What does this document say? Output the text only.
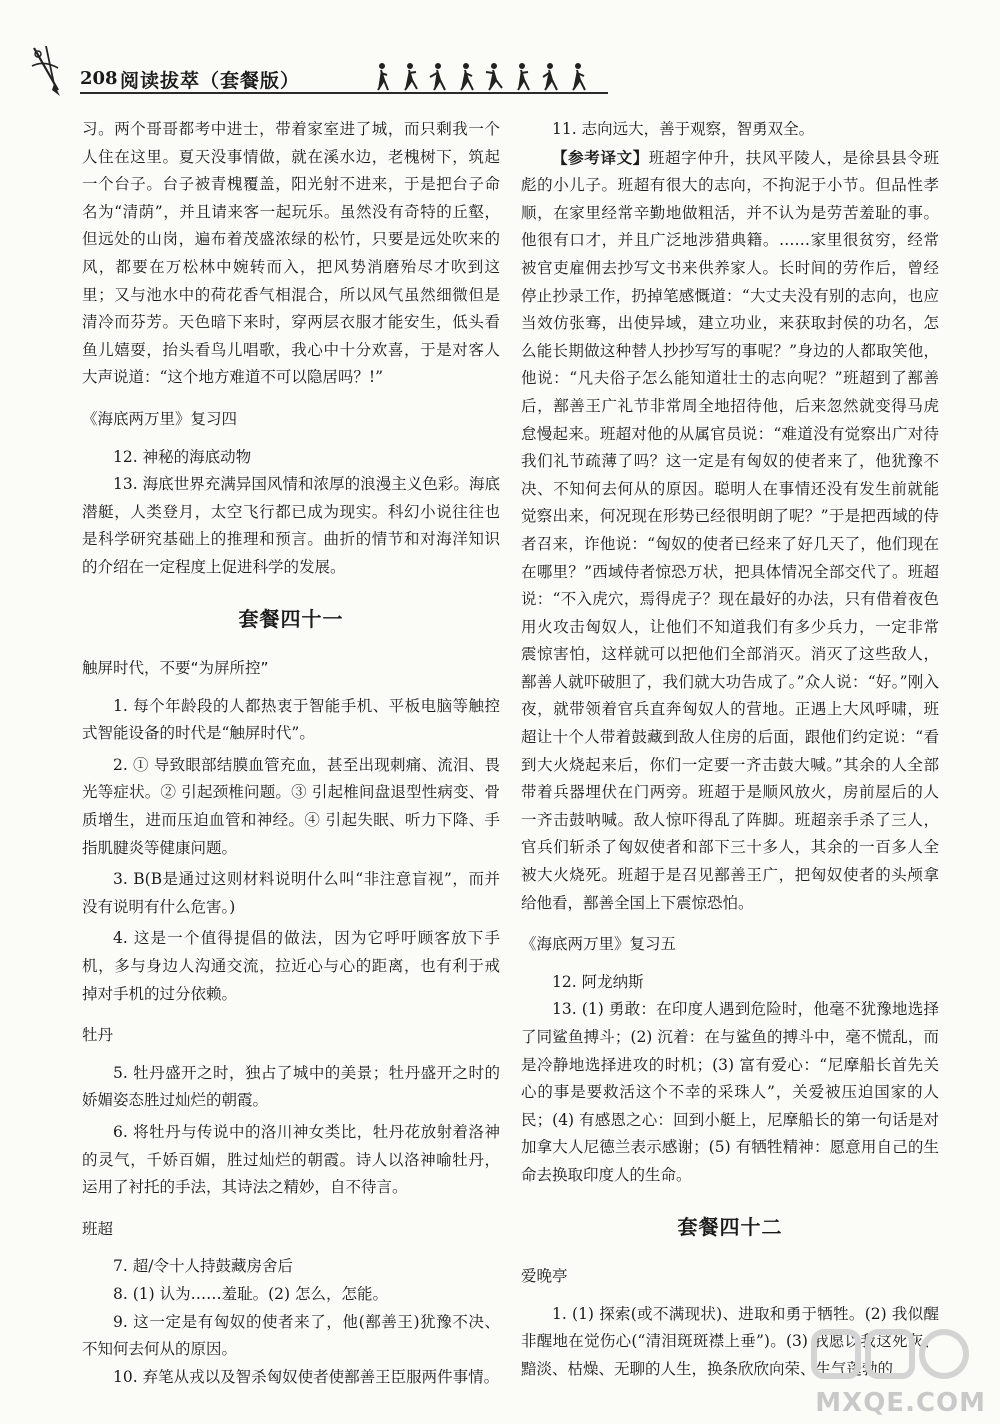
208 阅读拔萃（套餐版）

习。两个哥哥都考中进士，带着家室进了城，而只剩我一个人住在这里。夏天没事情做，就在溪水边，老槐树下，筑起一个台子。台子被青槐覆盖，阳光射不进来，于是把台子命名为“清荫”，并且请来客一起玩乐。虽然没有奇特的丘壑，但远处的山岗，遍布着茂盛浓绿的松竹，只要是远处吹来的风，都要在万松林中婉转而入，把风势消磨殆尽才吹到这里；又与池水中的荷花香气相混合，所以风气虽然细微但是清冷而芬芳。天色暗下来时，穿两层衣服才能安生，低头看鱼儿嬉耍，抬头看鸟儿唱歌，我心中十分欢喜，于是对客人大声说道：“这个地方难道不可以隐居吗？!”

《海底两万里》复习四

12. 神秘的海底动物

13. 海底世界充满异国风情和浓厚的浪漫主义色彩。海底潜艇，人类登月，太空飞行都已成为现实。科幻小说往往也是科学研究基础上的推理和预言。曲折的情节和对海洋知识的介绍在一定程度上促进科学的发展。

套餐四十一
触屏时代，不要“为屏所控”

1. 每个年龄段的人都热衷于智能手机、平板电脑等触控式智能设备的时代是“触屏时代”。

2. ① 导致眼部结膜血管充血，甚至出现刺痛、流泪、畏光等症状。② 引起颈椎问题。③ 引起椎间盘退型性病变、骨质增生，进而压迫血管和神经。④ 引起失眠、听力下降、手指肌腱炎等健康问题。

3. B(B是通过这则材料说明什么叫“非注意盲视”，而并没有说明有什么危害。)

4. 这是一个值得提倡的做法，因为它呼吁顾客放下手机，多与身边人沟通交流，拉近心与心的距离，也有利于戒掉对手机的过分依赖。

牡丹

5. 牡丹盛开之时，独占了城中的美景；牡丹盛开之时的娇媚姿态胜过灿烂的朝霞。

6. 将牡丹与传说中的洛川神女类比，牡丹花放射着洛神的灵气，千娇百媚，胜过灿烂的朝霞。诗人以洛神喻牡丹，运用了衬托的手法，其诗法之精妙，自不待言。

班超

7. 超/令十人持鼓藏房舍后

8. (1) 认为……羞耻。(2) 怎么，怎能。

9. 这一定是有匈奴的使者来了，他(鄯善王)犹豫不决、不知何去何从的原因。

10. 弃笔从戎以及智杀匈奴使者使鄯善王臣服两件事情。

11. 志向远大，善于观察，智勇双全。

【参考译文】班超字仲升，扶风平陵人，是徐县县令班彪的小儿子。班超有很大的志向，不拘泥于小节。但品性孝顺，在家里经常辛勤地做粗活，并不认为是劳苦羞耻的事。他很有口才，并且广泛地涉猎典籍。……家里很贫穷，经常被官吏雇佣去抄写文书来供养家人。长时间的劳作后，曾经停止抄录工作，扔掉笔感慨道：“大丈夫没有别的志向，也应当效仿张骞，出使异域，建立功业，来获取封侯的功名，怎么能长期做这种替人抄抄写写的事呢？”身边的人都取笑他，他说：“凡夫俗子怎么能知道壮士的志向呢？”班超到了鄯善后，鄯善王广礼节非常周全地招待他，后来忽然就变得马虎怠慢起来。班超对他的从属官员说：“难道没有觉察出广对待我们礼节疏薄了吗？这一定是有匈奴的使者来了，他犹豫不决、不知何去何从的原因。聪明人在事情还没有发生前就能觉察出来，何况现在形势已经很明朗了呢？”于是把西域的侍者召来，诈他说：“匈奴的使者已经来了好几天了，他们现在在哪里？”西域侍者惊恐万状，把具体情况全部交代了。班超说：“不入虎穴，焉得虎子？现在最好的办法，只有借着夜色用火攻击匈奴人，让他们不知道我们有多少兵力，一定非常震惊害怕，这样就可以把他们全部消灭。消灭了这些敌人，鄯善人就吓破胆了，我们就大功告成了。”众人说：“好。”刚入夜，就带领着官兵直奔匈奴人的营地。正遇上大风呼啸，班超让十个人带着鼓藏到敌人住房的后面，跟他们约定说：“看到大火烧起来后，你们一定要一齐击鼓大喊。”其余的人全部带着兵器埋伏在门两旁。班超于是顺风放火，房前屋后的人一齐击鼓呐喊。敌人惊吓得乱了阵脚。班超亲手杀了三人，官兵们斩杀了匈奴使者和部下三十多人，其余的一百多人全被大火烧死。班超于是召见鄯善王广，把匈奴使者的头颅拿给他看，鄯善全国上下震惊恐怕。

《海底两万里》复习五

12. 阿龙纳斯

13. (1) 勇敢：在印度人遇到危险时，他毫不犹豫地选择了同鲨鱼搏斗；(2) 沉着：在与鲨鱼的搏斗中，毫不慌乱，而是冷静地选择进攻的时机；(3) 富有爱心：“尼摩船长首先关心的事是要救活这个不幸的采珠人”，关爱被压迫国家的人民；(4) 有感恩之心：回到小艇上，尼摩船长的第一句话是对加拿大人尼德兰表示感谢；(5) 有牺牲精神：愿意用自己的生命去换取印度人的生命。

套餐四十二
爱晚亭

1. (1) 探索(或不满现状)、进取和勇于牺牲。(2) 我似醒非醒地在觉伤心(“清泪斑斑襟上垂”)。(3) 我愿以我这死灰、黯淡、枯燥、无聊的人生，换条欣欣向荣、生气蓬勃的

MXQE.COM
